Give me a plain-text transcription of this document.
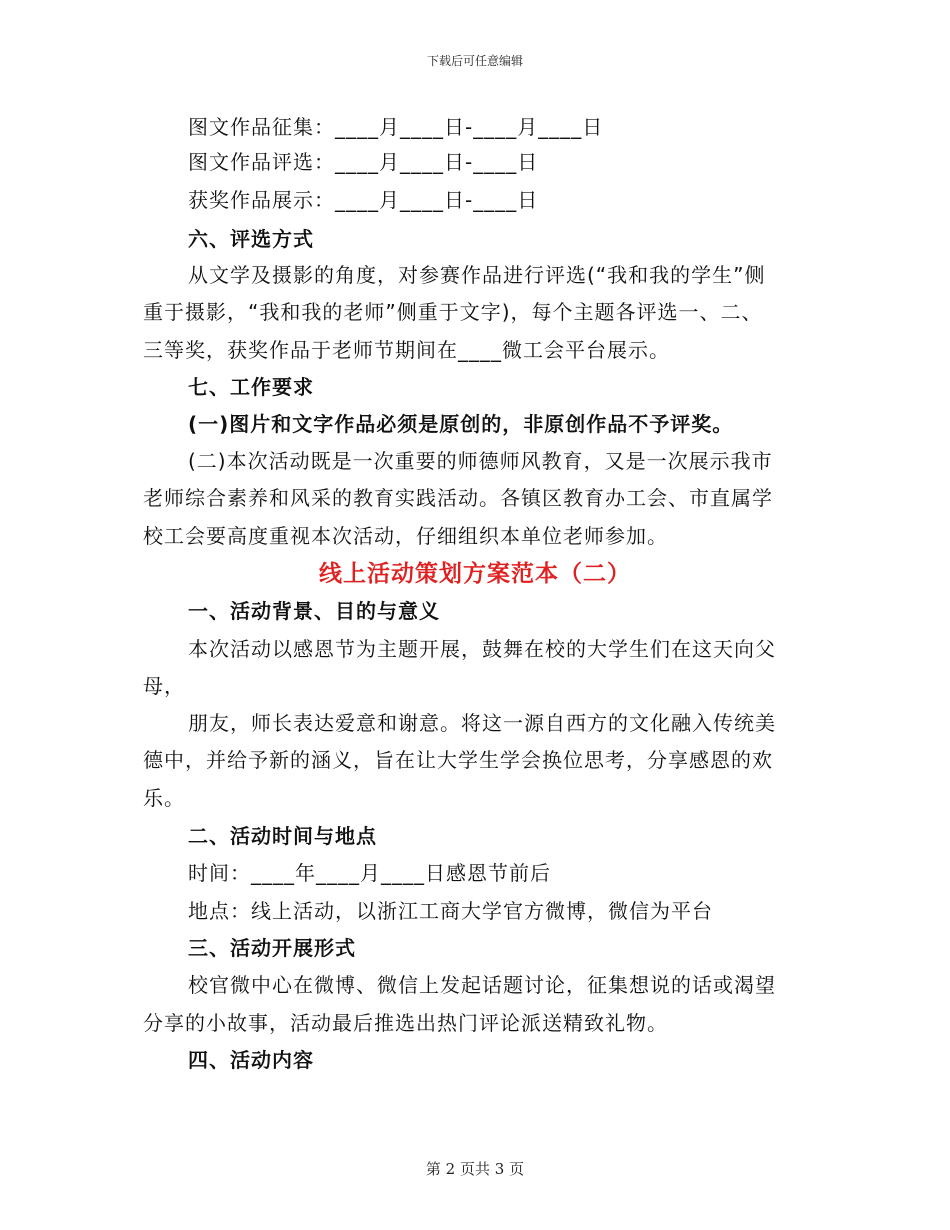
下载后可任意编辑
图文作品征集：____月____日-____月____日
图文作品评选：____月____日-____日
获奖作品展示：____月____日-____日
六、评选方式
从文学及摄影的角度，对参赛作品进行评选(“我和我的学生”侧
重于摄影，“我和我的老师”侧重于文字)，每个主题各评选一、二、
三等奖，获奖作品于老师节期间在____微工会平台展示。
七、工作要求
(一)图片和文字作品必须是原创的，非原创作品不予评奖。
(二)本次活动既是一次重要的师德师风教育，又是一次展示我市
老师综合素养和风采的教育实践活动。各镇区教育办工会、市直属学
校工会要高度重视本次活动，仔细组织本单位老师参加。
线上活动策划方案范本（二）
一、活动背景、目的与意义
本次活动以感恩节为主题开展，鼓舞在校的大学生们在这天向父
母，
朋友，师长表达爱意和谢意。将这一源自西方的文化融入传统美
德中，并给予新的涵义，旨在让大学生学会换位思考，分享感恩的欢
乐。
二、活动时间与地点
时间：____年____月____日感恩节前后
地点：线上活动，以浙江工商大学官方微博，微信为平台
三、活动开展形式
校官微中心在微博、微信上发起话题讨论，征集想说的话或渴望
分享的小故事，活动最后推选出热门评论派送精致礼物。
四、活动内容
第 2 页共 3 页
